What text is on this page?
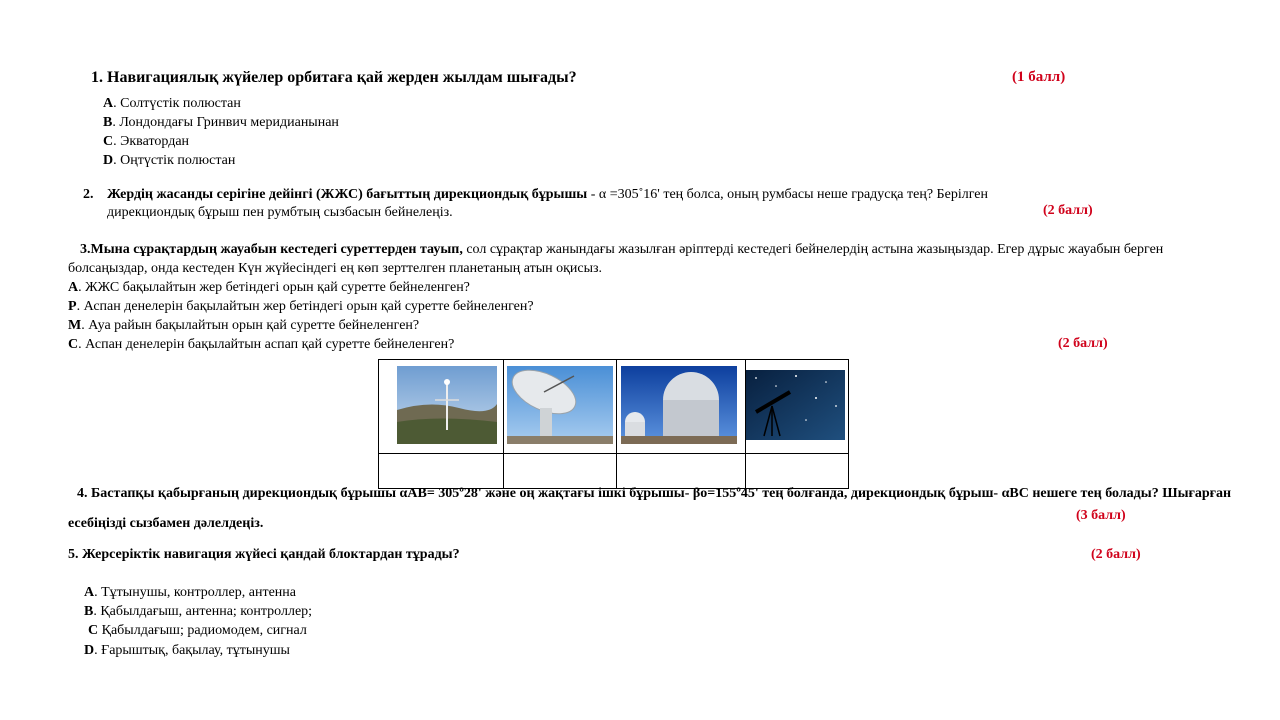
1. Навигациялық жүйелер орбитаға қай жерден жылдам шығады?	(1 балл)
А. Солтүстік полюстан
В. Лондондағы Гринвич меридианынан
С. Экватордан
D. Оңтүстік полюстан
2. Жердің жасанды серігіне дейінгі (ЖЖС) бағыттың дирекциондық бұрышы - α =305˚16' тең болса, оның румбасы неше градусқа тең? Берілген
дирекциондық бұрыш пен румбтың сызбасын бейнелеңіз.	(2 балл)
3.Мына сұрақтардың жауабын кестедегі суреттерден тауып, сол сұрақтар жанындағы жазылған әріптерді кестедегі бейнелердің астына жазыңыздар. Егер дұрыс жауабын берген болсаңыздар, онда кестеден Күн жүйесіндегі ең көп зерттелген планетаның атын оқисыз.
А. ЖЖС бақылайтын жер бетіндегі орын қай суретте бейнеленген?
Р. Аспан денелерін бақылайтын жер бетіндегі орын қай суретте бейнеленген?
М. Ауа райын бақылайтын орын қай суретте бейнеленген?
С. Аспан денелерін бақылайтын аспап қай суретте бейнеленген?	(2 балл)

4. Бастапқы қабырғаның дирекциондық бұрышы αAB= 305º28' және оң жақтағы ішкі бұрышы- βo=155º45' тең болғанда, дирекциондық бұрыш- αBC нешеге тең болады? Шығарған есебіңізді сызбамен дәлелдеңіз.
(3 балл)
5. Жерсеріктік навигация жүйесі қандай блоктардан тұрады?	(2 балл)
А. Тұтынушы, контроллер, антенна
В. Қабылдағыш, антенна; контроллер;
С Қабылдағыш; радиомодем, сигнал
D. Ғарыштық, бақылау, тұтынушы
